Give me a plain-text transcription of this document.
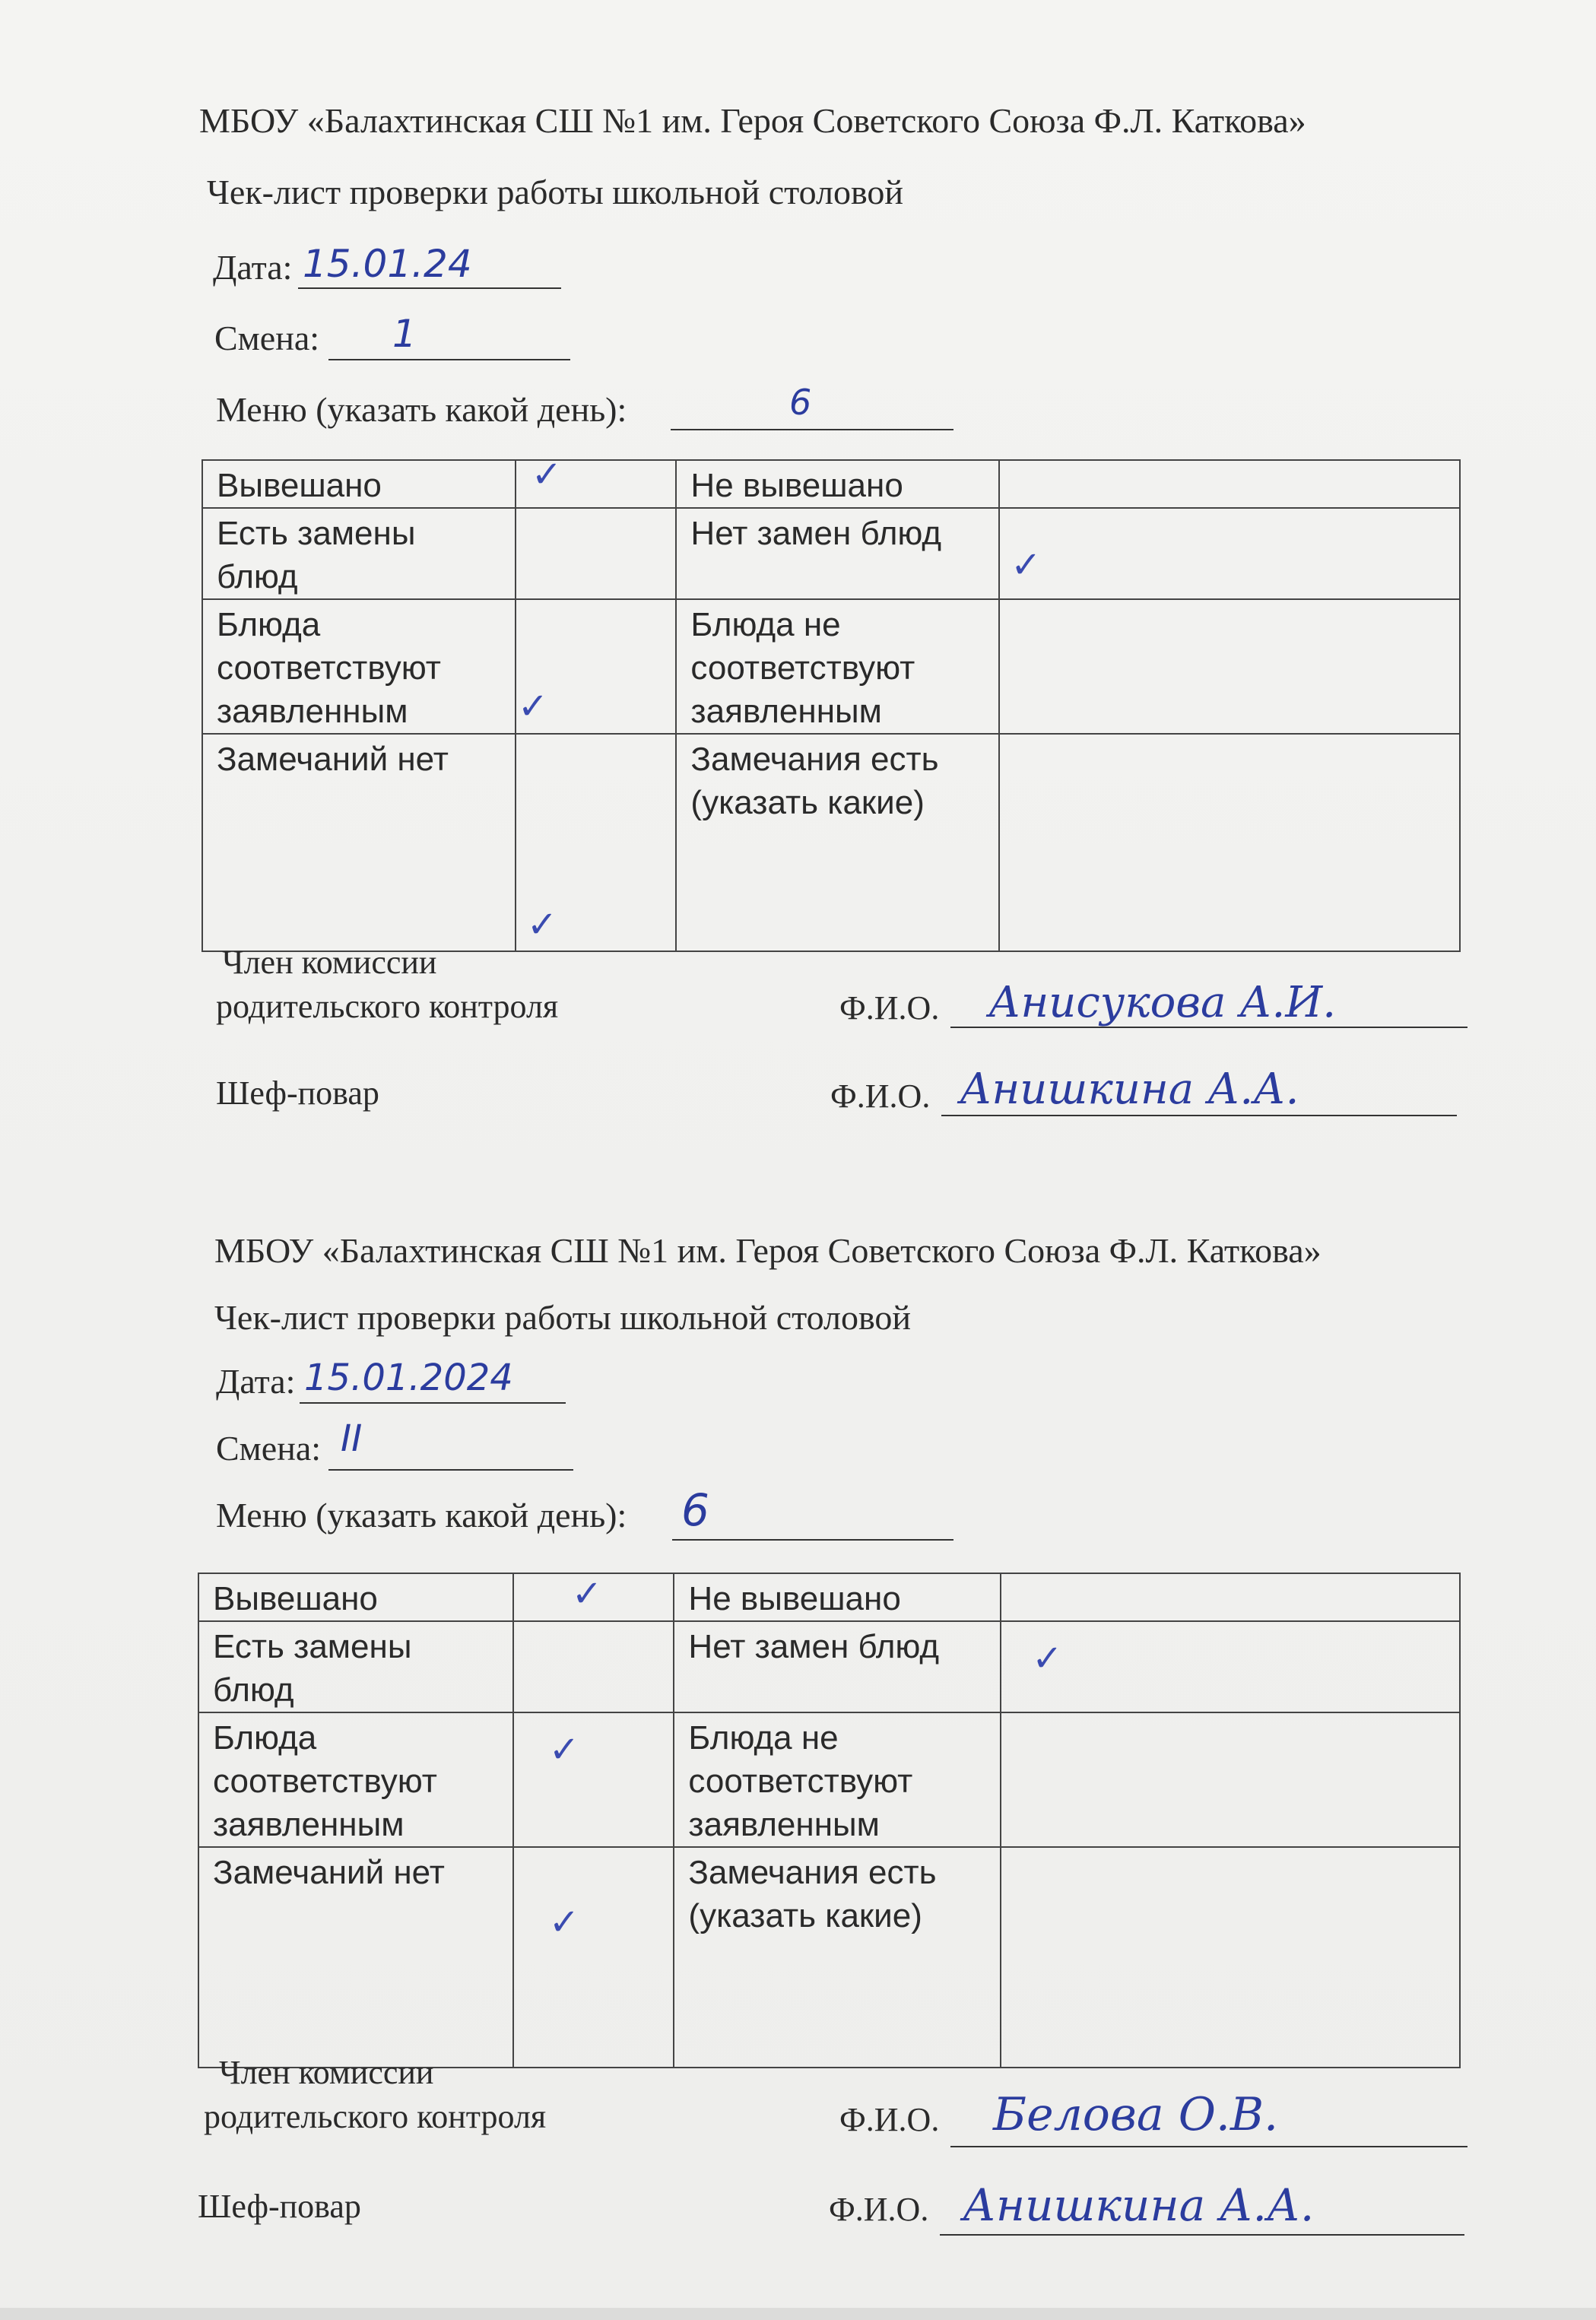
МБОУ «Балахтинская СШ №1 им. Героя Советского Союза Ф.Л. Каткова»
Чек-лист проверки работы школьной столовой
Дата: 15.01.24
Смена: 1
Меню (указать какой день):	6
Вывешано	✓	Не вывешано	
Есть замены блюд		Нет замен блюд	✓

Блюда соответствуют заявленным	✓	Блюда не соответствуют заявленным	
Замечаний нет	✓	Замечания есть (указать какие)	
Член комиссии
родительского контроля	Ф.И.О. Анисукова А.И.
Шеф-повар	Ф.И.О. Анишкина А.А.
МБОУ «Балахтинская СШ №1 им. Героя Советского Союза Ф.Л. Каткова»
Чек-лист проверки работы школьной столовой
Дата: 15.01.2024
Смена: II
Меню (указать какой день): 6
Вывешано	✓	Не вывешано	
Есть замены блюд		Нет замен блюд	✓

Блюда соответствуют заявленным	✓	Блюда не соответствуют заявленным	
Замечаний нет	✓	Замечания есть (указать какие)	
Член комиссии
родительского контроля	Ф.И.О. Белова О.В.
Шеф-повар	Ф.И.О. Анишкина А.А.
